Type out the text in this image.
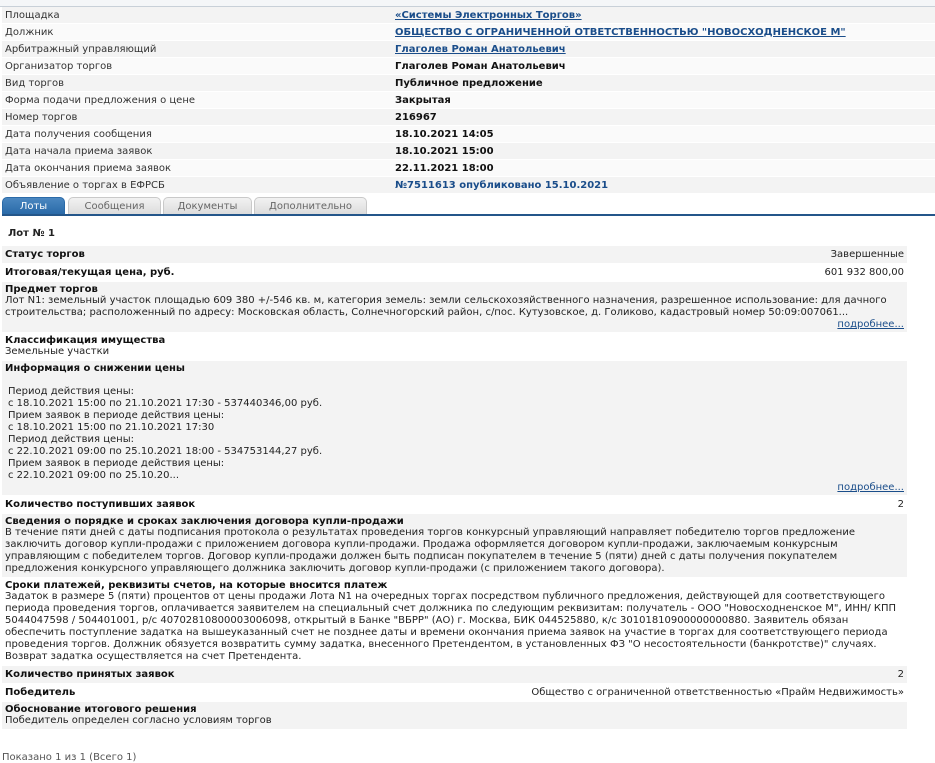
Площадка	«Системы Электронных Торгов»
Должник	ОБЩЕСТВО С ОГРАНИЧЕННОЙ ОТВЕТСТВЕННОСТЬЮ "НОВОСХОДНЕНСКОЕ М"
Арбитражный управляющий	Глаголев Роман Анатольевич
Организатор торгов	Глаголев Роман Анатольевич
Вид торгов	Публичное предложение
Форма подачи предложения о цене	Закрытая
Номер торгов	216967
Дата получения сообщения	18.10.2021 14:05
Дата начала приема заявок	18.10.2021 15:00
Дата окончания приема заявок	22.11.2021 18:00
Объявление о торгах в ЕФРСБ	№7511613 опубликовано 15.10.2021
Лоты	Сообщения	Документы	Дополнительно
Лот № 1
Статус торгов	Завершенные
Итоговая/текущая цена, руб.	601 932 800,00
Предмет торгов
Лот N1: земельный участок площадью 609 380 +/-546 кв. м, категория земель: земли сельскохозяйственного назначения, разрешенное использование: для дачного строительства; расположенный по адресу: Московская область, Солнечногорский район, с/пос. Кутузовское, д. Голиково, кадастровый номер 50:09:007061...
подробнее...
Классификация имущества
Земельные участки
Информация о снижении цены

Период действия цены:
с 18.10.2021 15:00 по 21.10.2021 17:30 - 537440346,00 руб.
Прием заявок в периоде действия цены:
с 18.10.2021 15:00 по 21.10.2021 17:30
Период действия цены:
с 22.10.2021 09:00 по 25.10.2021 18:00 - 534753144,27 руб.
Прием заявок в периоде действия цены:
с 22.10.2021 09:00 по 25.10.20...
подробнее...
Количество поступивших заявок	2
Сведения о порядке и сроках заключения договора купли-продажи
В течение пяти дней с даты подписания протокола о результатах проведения торгов конкурсный управляющий направляет победителю торгов предложение заключить договор купли-продажи с приложением договора купли-продажи. Продажа оформляется договором купли-продажи, заключаемым конкурсным управляющим с победителем торгов. Договор купли-продажи должен быть подписан покупателем в течение 5 (пяти) дней с даты получения покупателем предложения конкурсного управляющего должника заключить договор купли-продажи (с приложением такого договора).
Сроки платежей, реквизиты счетов, на которые вносится платеж
Задаток в размере 5 (пяти) процентов от цены продажи Лота N1 на очередных торгах посредством публичного предложения, действующей для соответствующего периода проведения торгов, оплачивается заявителем на специальный счет должника по следующим реквизитам: получатель - ООО "Новосходненское М", ИНН/ КПП 5044047598 / 504401001, р/с 40702810800003006098, открытый в Банке "ВБРР" (АО) г. Москва, БИК 044525880, к/с 30101810900000000880. Заявитель обязан обеспечить поступление задатка на вышеуказанный счет не позднее даты и времени окончания приема заявок на участие в торгах для соответствующего периода проведения торгов. Должник обязуется возвратить сумму задатка, внесенного Претендентом, в установленных ФЗ "О несостоятельности (банкротстве)" случаях. Возврат задатка осуществляется на счет Претендента.
Количество принятых заявок	2
Победитель	Общество с ограниченной ответственностью «Прайм Недвижимость»
Обоснование итогового решения
Победитель определен согласно условиям торгов
Показано 1 из 1 (Всего 1)
